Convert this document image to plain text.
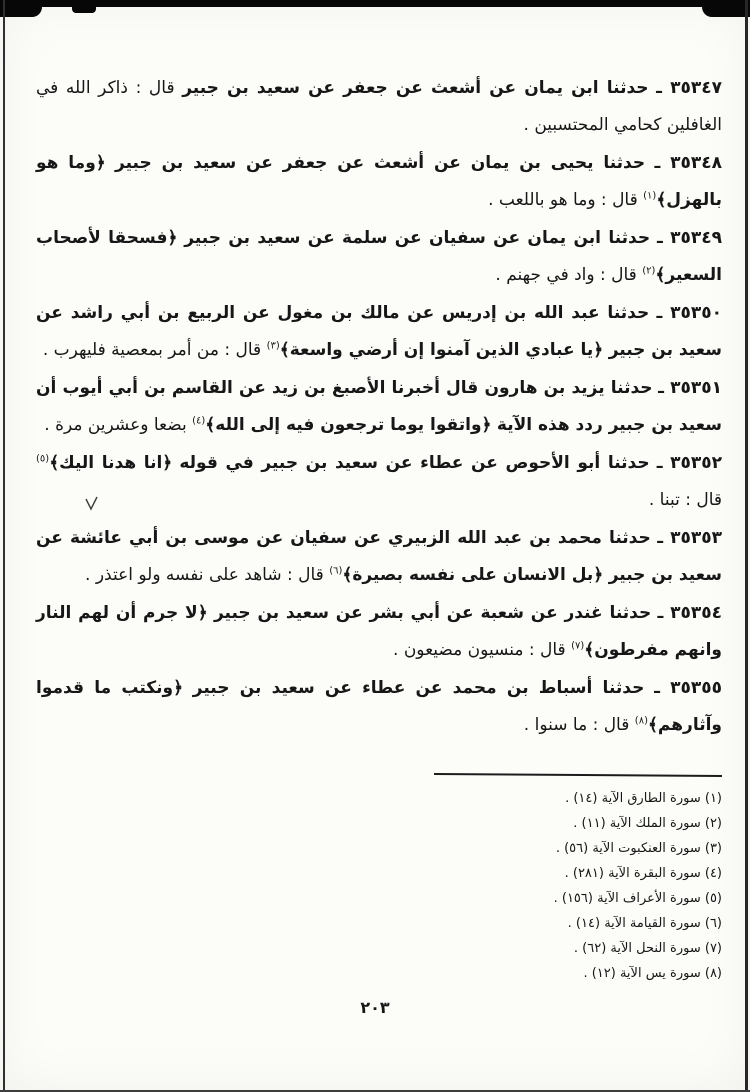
٣٥٣٤٧ ـ حدثنا ابن يمان عن أشعث عن جعفر عن سعيد بن جبير قال : ذاكر الله في الغافلين كحامي المحتسبين .

٣٥٣٤٨ ـ حدثنا يحيى بن يمان عن أشعث عن جعفر عن سعيد بن جبير ﴿وما هو بالهزل﴾$^{(١)}$ قال : وما هو باللعب .

٣٥٣٤٩ ـ حدثنا ابن يمان عن سفيان عن سلمة عن سعيد بن جبير ﴿فسحقا لأصحاب السعير﴾$^{(٢)}$ قال : واد في جهنم .

٣٥٣٥٠ ـ حدثنا عبد الله بن إدريس عن مالك بن مغول عن الربيع بن أبي راشد عن سعيد بن جبير ﴿يا عبادي الذين آمنوا إن أرضي واسعة﴾$^{(٣)}$ قال : من أمر بمعصية فليهرب .

٣٥٣٥١ ـ حدثنا يزيد بن هارون قال أخبرنا الأصبغ بن زيد عن القاسم بن أبي أيوب أن سعيد بن جبير ردد هذه الآية ﴿واتقوا يوما ترجعون فيه إلى الله﴾$^{(٤)}$ بضعا وعشرين مرة .

٣٥٣٥٢ ـ حدثنا أبو الأحوص عن عطاء عن سعيد بن جبير في قوله ﴿انا هدنا اليك﴾$^{(٥)}$ قال : تبنا .

٣٥٣٥٣ ـ حدثنا محمد بن عبد الله الزبيري عن سفيان عن موسى بن أبي عائشة عن سعيد بن جبير ﴿بل الانسان على نفسه بصيرة﴾$^{(٦)}$ قال : شاهد على نفسه ولو اعتذر .

٣٥٣٥٤ ـ حدثنا غندر عن شعبة عن أبي بشر عن سعيد بن جبير ﴿لا جرم أن لهم النار وانهم مفرطون﴾$^{(٧)}$ قال : منسيون مضيعون .

٣٥٣٥٥ ـ حدثنا أسباط بن محمد عن عطاء عن سعيد بن جبير ﴿ونكتب ما قدموا وآثارهم﴾$^{(٨)}$ قال : ما سنوا .

(١) سورة الطارق الآية (١٤) .

(٢) سورة الملك الآية (١١) .

(٣) سورة العنكبوت الآية (٥٦) .

(٤) سورة البقرة الآية (٢٨١) .

(٥) سورة الأعراف الآية (١٥٦) .

(٦) سورة القيامة الآية (١٤) .

(٧) سورة النحل الآية (٦٢) .

(٨) سورة يس الآية (١٢) .

٢٠٣
